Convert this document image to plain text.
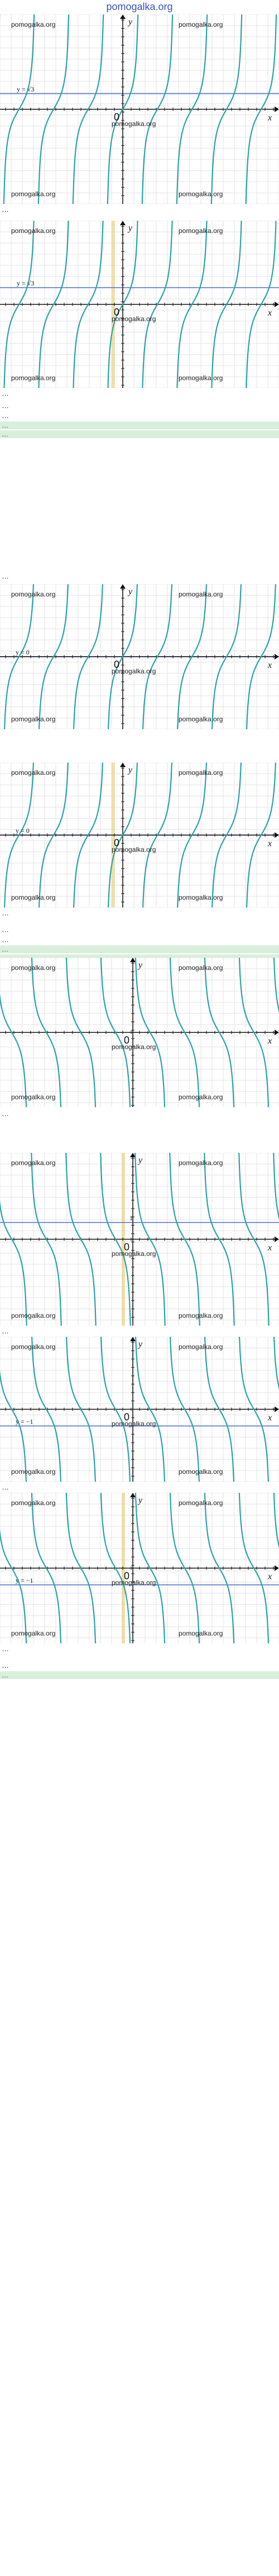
pomogalka.org
x
y
0
y = √3
pomogalka.org	pomogalka.org
pomogalka.org	pomogalka.org
pomogalka.org
…
x
y
0
y = √3
pomogalka.org	pomogalka.org
pomogalka.org	pomogalka.org
pomogalka.org
…
…
…
…
…
x
y
0
y = 0
pomogalka.org	pomogalka.org
pomogalka.org	pomogalka.org
pomogalka.org
…
x
y
0
y = 0
pomogalka.org	pomogalka.org
pomogalka.org	pomogalka.org
pomogalka.org
…
…
…
…
x
y
0
pomogalka.org	pomogalka.org
pomogalka.org	pomogalka.org
pomogalka.org
…
x
y
0
1
pomogalka.org	pomogalka.org
pomogalka.org	pomogalka.org
pomogalka.org
…
x
y
0
y = −1
pomogalka.org	pomogalka.org
pomogalka.org	pomogalka.org
pomogalka.org
…
x
y
0
y = −1
pomogalka.org	pomogalka.org
pomogalka.org	pomogalka.org
pomogalka.org
…
…
…
